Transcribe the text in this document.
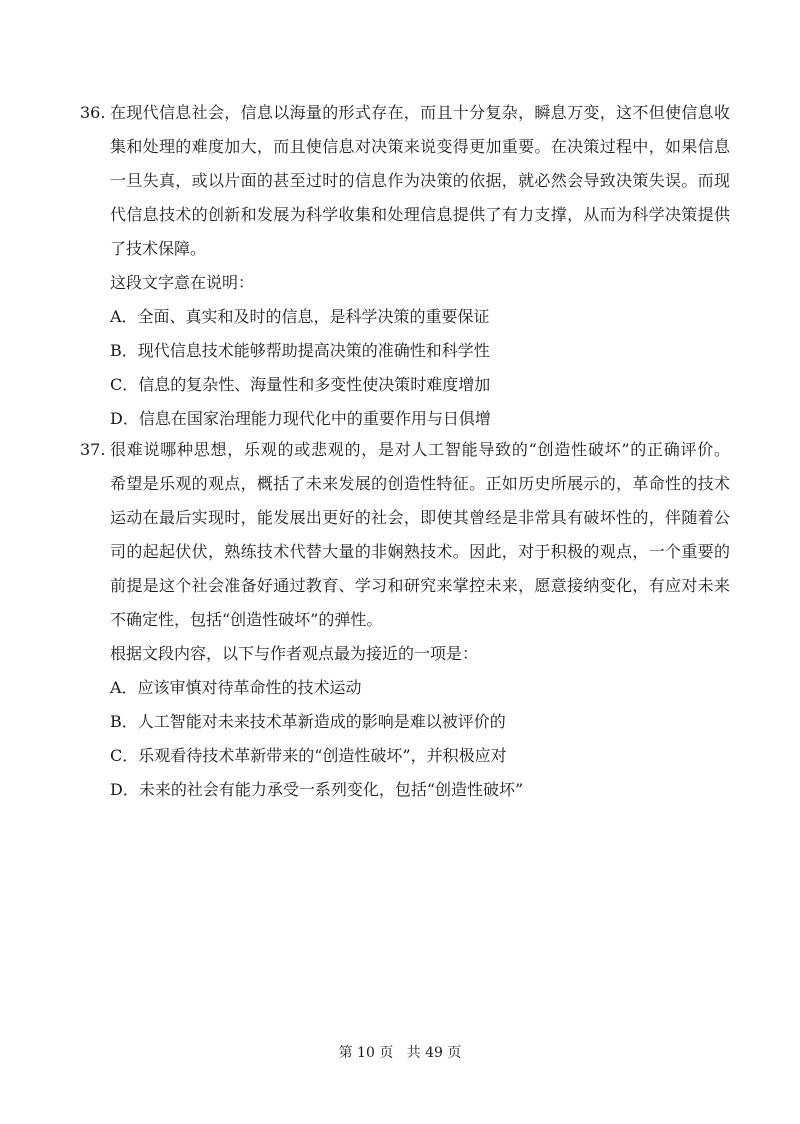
36. 在现代信息社会，信息以海量的形式存在，而且十分复杂，瞬息万变，这不但使信息收
集和处理的难度加大，而且使信息对决策来说变得更加重要。在决策过程中，如果信息
一旦失真，或以片面的甚至过时的信息作为决策的依据，就必然会导致决策失误。而现
代信息技术的创新和发展为科学收集和处理信息提供了有力支撑，从而为科学决策提供
了技术保障。
这段文字意在说明：
A．全面、真实和及时的信息，是科学决策的重要保证
B．现代信息技术能够帮助提高决策的准确性和科学性
C．信息的复杂性、海量性和多变性使决策时难度增加
D．信息在国家治理能力现代化中的重要作用与日俱增
37. 很难说哪种思想，乐观的或悲观的，是对人工智能导致的“创造性破坏”的正确评价。
希望是乐观的观点，概括了未来发展的创造性特征。正如历史所展示的，革命性的技术
运动在最后实现时，能发展出更好的社会，即使其曾经是非常具有破坏性的，伴随着公
司的起起伏伏，熟练技术代替大量的非娴熟技术。因此，对于积极的观点，一个重要的
前提是这个社会准备好通过教育、学习和研究来掌控未来，愿意接纳变化，有应对未来
不确定性，包括“创造性破坏”的弹性。
根据文段内容，以下与作者观点最为接近的一项是：
A．应该审慎对待革命性的技术运动
B．人工智能对未来技术革新造成的影响是难以被评价的
C．乐观看待技术革新带来的“创造性破坏”，并积极应对
D．未来的社会有能力承受一系列变化，包括“创造性破坏”
第 10 页   共 49 页
